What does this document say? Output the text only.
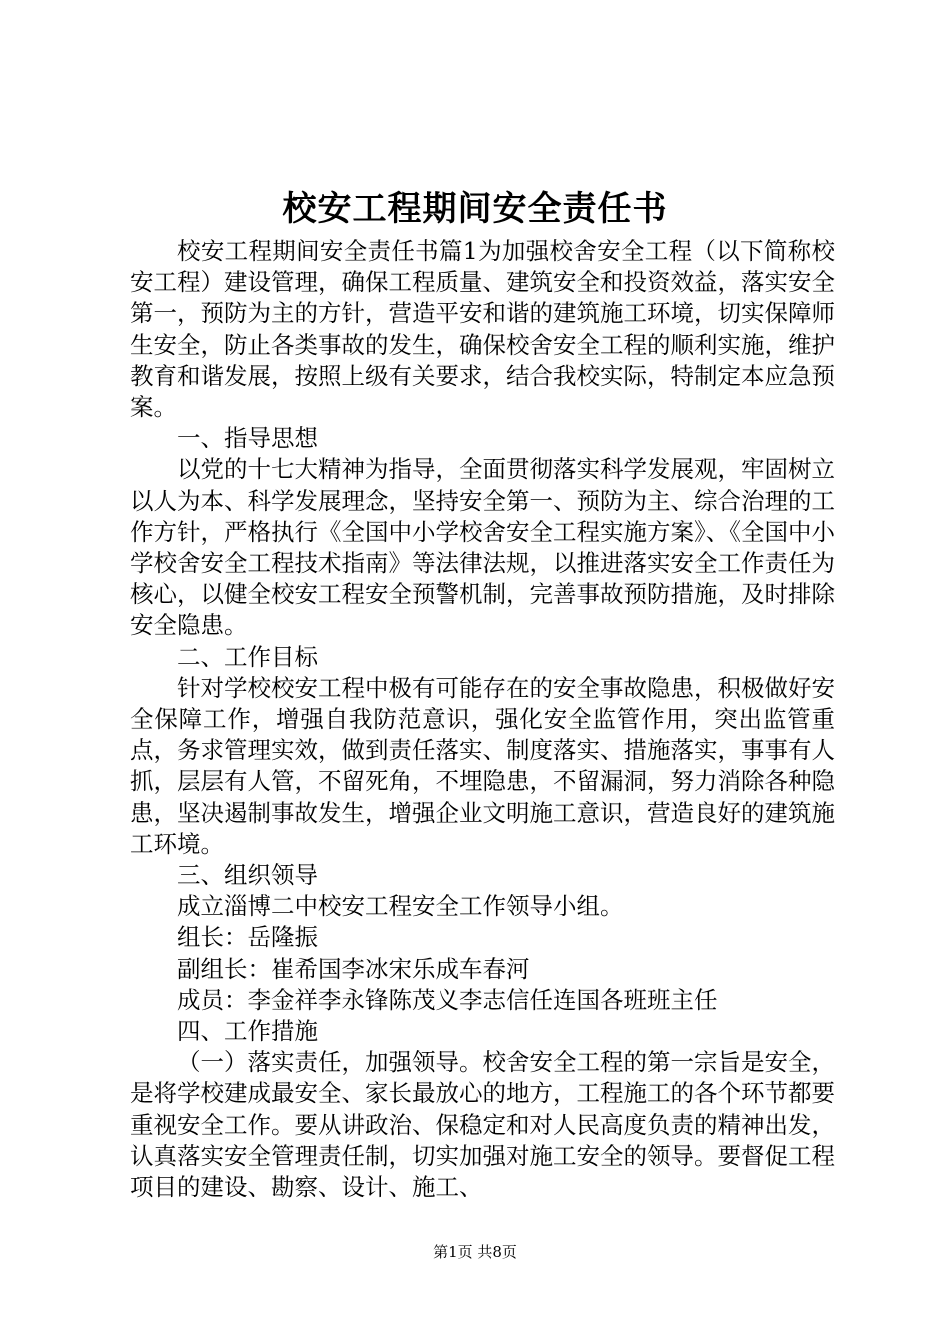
校安工程期间安全责任书

校安工程期间安全责任书篇1为加强校舍安全工程（以下简称校安工程）建设管理，确保工程质量、建筑安全和投资效益，落实安全第一，预防为主的方针，营造平安和谐的建筑施工环境，切实保障师生安全，防止各类事故的发生，确保校舍安全工程的顺利实施，维护教育和谐发展，按照上级有关要求，结合我校实际，特制定本应急预案。

一、指导思想

以党的十七大精神为指导，全面贯彻落实科学发展观，牢固树立以人为本、科学发展理念，坚持安全第一、预防为主、综合治理的工作方针，严格执行《全国中小学校舍安全工程实施方案》、《全国中小学校舍安全工程技术指南》等法律法规，以推进落实安全工作责任为核心，以健全校安工程安全预警机制，完善事故预防措施，及时排除安全隐患。

二、工作目标

针对学校校安工程中极有可能存在的安全事故隐患，积极做好安全保障工作，增强自我防范意识，强化安全监管作用，突出监管重点，务求管理实效，做到责任落实、制度落实、措施落实，事事有人抓，层层有人管，不留死角，不埋隐患，不留漏洞，努力消除各种隐患，坚决遏制事故发生，增强企业文明施工意识，营造良好的建筑施工环境。

三、组织领导

成立淄博二中校安工程安全工作领导小组。

组长：岳隆振

副组长：崔希国李冰宋乐成车春河

成员：李金祥李永锋陈茂义李志信任连国各班班主任

四、工作措施

（一）落实责任，加强领导。校舍安全工程的第一宗旨是安全，是将学校建成最安全、家长最放心的地方，工程施工的各个环节都要重视安全工作。要从讲政治、保稳定和对人民高度负责的精神出发，认真落实安全管理责任制，切实加强对施工安全的领导。要督促工程项目的建设、勘察、设计、施工、

第1页 共8页
